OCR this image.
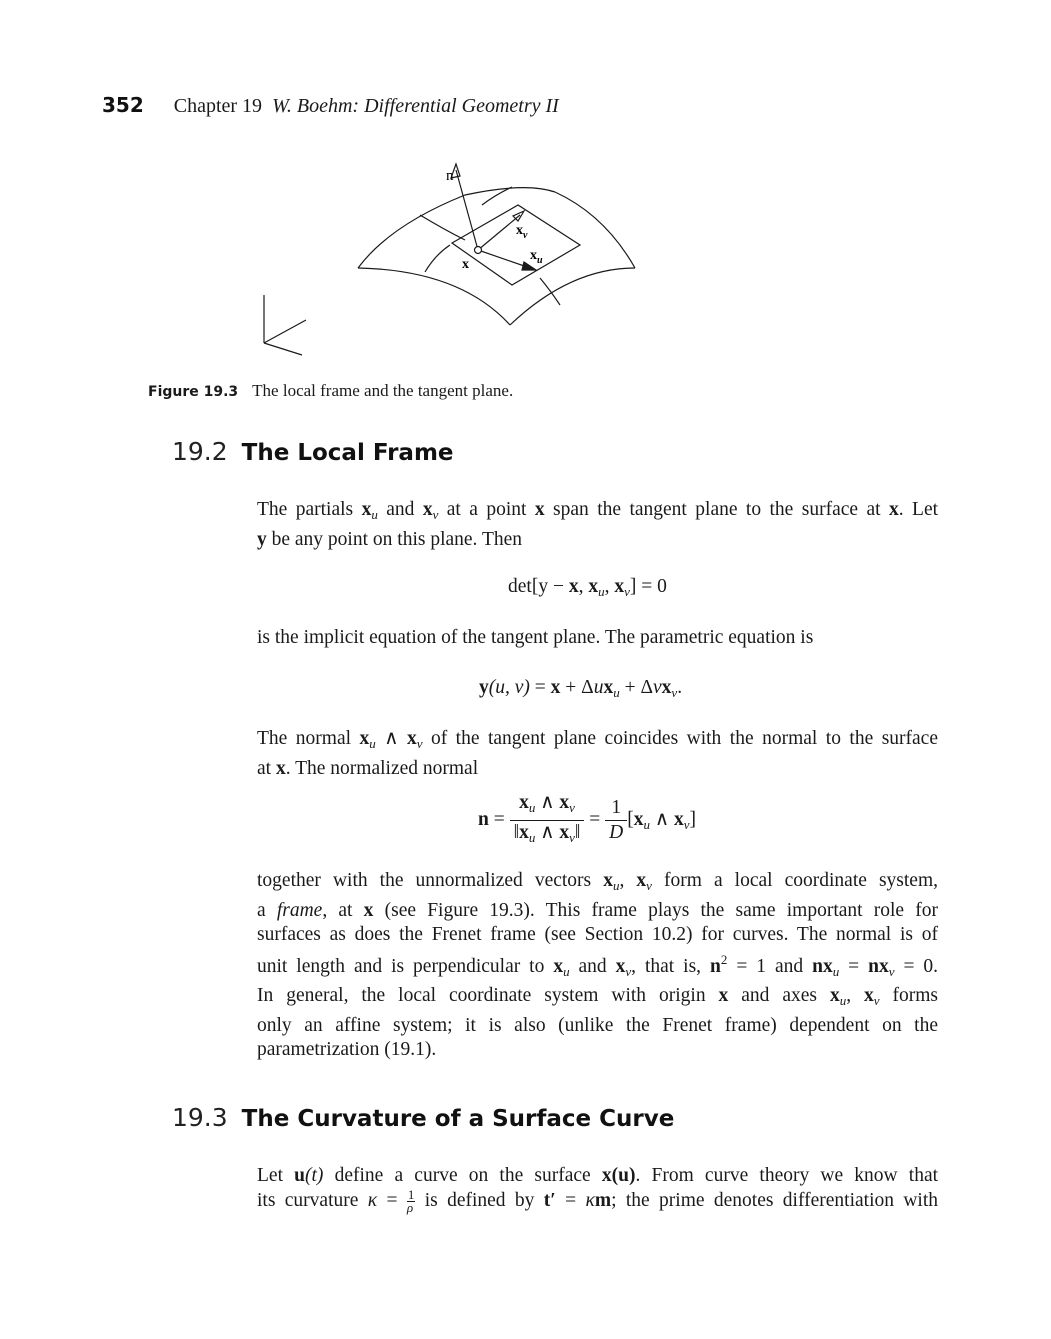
352 Chapter 19 W. Boehm: Differential Geometry II
n
$x_v$
$x_u$
x
Figure 19.3 The local frame and the tangent plane.
19.2 The Local Frame
The partials $x_u$ and $x_v$ at a point x span the tangent plane to the surface at x. Let
y be any point on this plane. Then
det[y − x, $x_u$, $x_v] = 0$
is the implicit equation of the tangent plane. The parametric equation is
y(u, v) = x + Δux$_u$ + Δvx$_v$.
The normal $x_u$ ∧ $x_v$ of the tangent plane coincides with the normal to the surface
at x. The normalized normal
$n = \frac{x_u \wedge x_v}{‖x_u \wedge x_v‖} = \frac{1}{D} [x_u$ ∧ $x_v$]
together with the unnormalized vectors $x_u$, $x_v$ form a local coordinate system,
a frame, at x (see Figure 19.3). This frame plays the same important role for
surfaces as does the Frenet frame (see Section 10.2) for curves. The normal is of
unit length and is perpendicular to $x_u$ and $x_v$, that is, $n^2 = 1$ and $nx_u = nx_v = 0$.
In general, the local coordinate system with origin x and axes $x_u$, $x_v$ forms
only an affine system; it is also (unlike the Frenet frame) dependent on the
parametrization (19.1).
19.3 The Curvature of a Surface Curve
Let u(t) define a curve on the surface x(u). From curve theory we know that
its curvature $\kappa = \frac{1}{\rho}$ is defined by t′ = κm; the prime denotes differentiation with
